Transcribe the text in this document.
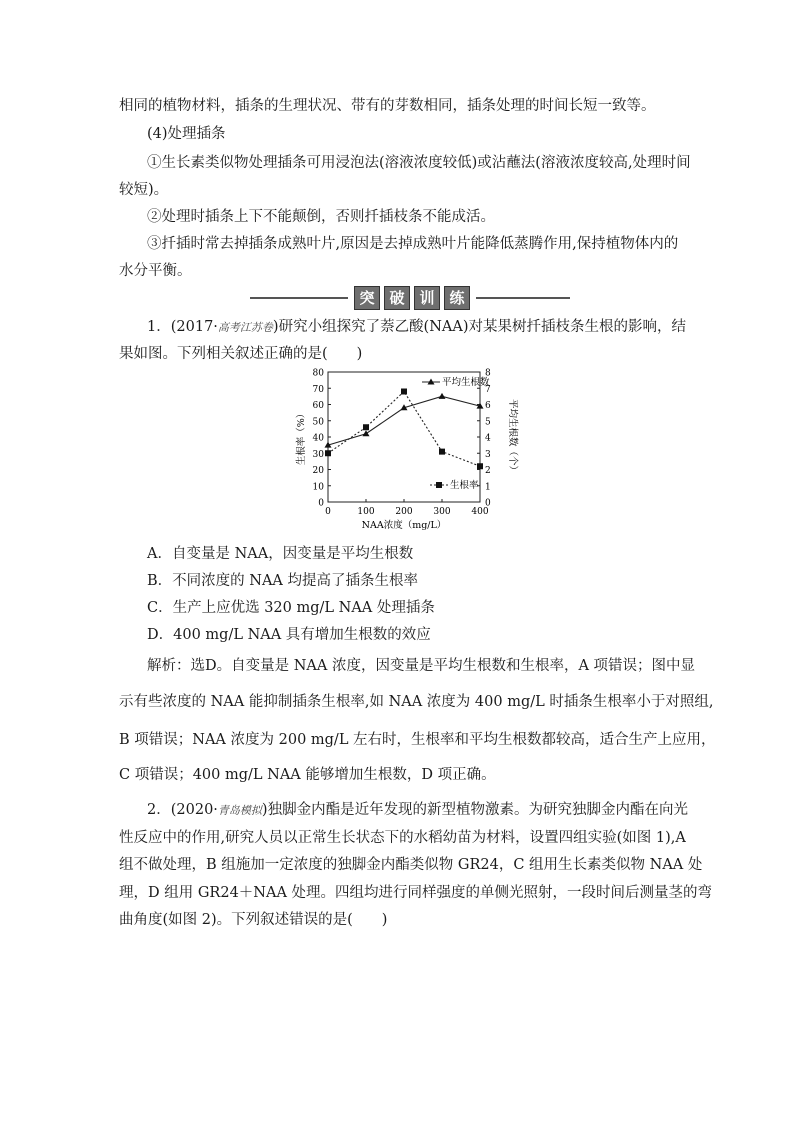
相同的植物材料，插条的生理状况、带有的芽数相同，插条处理的时间长短一致等。
(4)处理插条
①生长素类似物处理插条可用浸泡法(溶液浓度较低)或沾蘸法(溶液浓度较高,处理时间
较短)。
②处理时插条上下不能颠倒，否则扦插枝条不能成活。
③扦插时常去掉插条成熟叶片,原因是去掉成熟叶片能降低蒸腾作用,保持植物体内的
水分平衡。
突 破 训 练
1．(2017·高考江苏卷)研究小组探究了萘乙酸(NAA)对某果树扦插枝条生根的影响，结
果如图。下列相关叙述正确的是(　　)
0
10
20
30
40
50
60
70
80
0
1
2
3
4
5
6
7
8
0	100 200 300 400
NAA浓度（mg/L）
生根率（%）	平均生根数（个）
平均生根数
生根率
A．自变量是 NAA，因变量是平均生根数
B．不同浓度的 NAA 均提高了插条生根率
C．生产上应优选 320 mg/L NAA 处理插条
D．400 mg/L NAA 具有增加生根数的效应
解析：选D。自变量是 NAA 浓度，因变量是平均生根数和生根率，A 项错误；图中显
示有些浓度的 NAA 能抑制插条生根率,如 NAA 浓度为 400 mg/L 时插条生根率小于对照组,
B 项错误；NAA 浓度为 200 mg/L 左右时，生根率和平均生根数都较高，适合生产上应用，
C 项错误；400 mg/L NAA 能够增加生根数，D 项正确。
2．(2020·青岛模拟)独脚金内酯是近年发现的新型植物激素。为研究独脚金内酯在向光
性反应中的作用,研究人员以正常生长状态下的水稻幼苗为材料，设置四组实验(如图 1),A
组不做处理，B 组施加一定浓度的独脚金内酯类似物 GR24，C 组用生长素类似物 NAA 处
理，D 组用 GR24＋NAA 处理。四组均进行同样强度的单侧光照射，一段时间后测量茎的弯
曲角度(如图 2)。下列叙述错误的是(　　)
